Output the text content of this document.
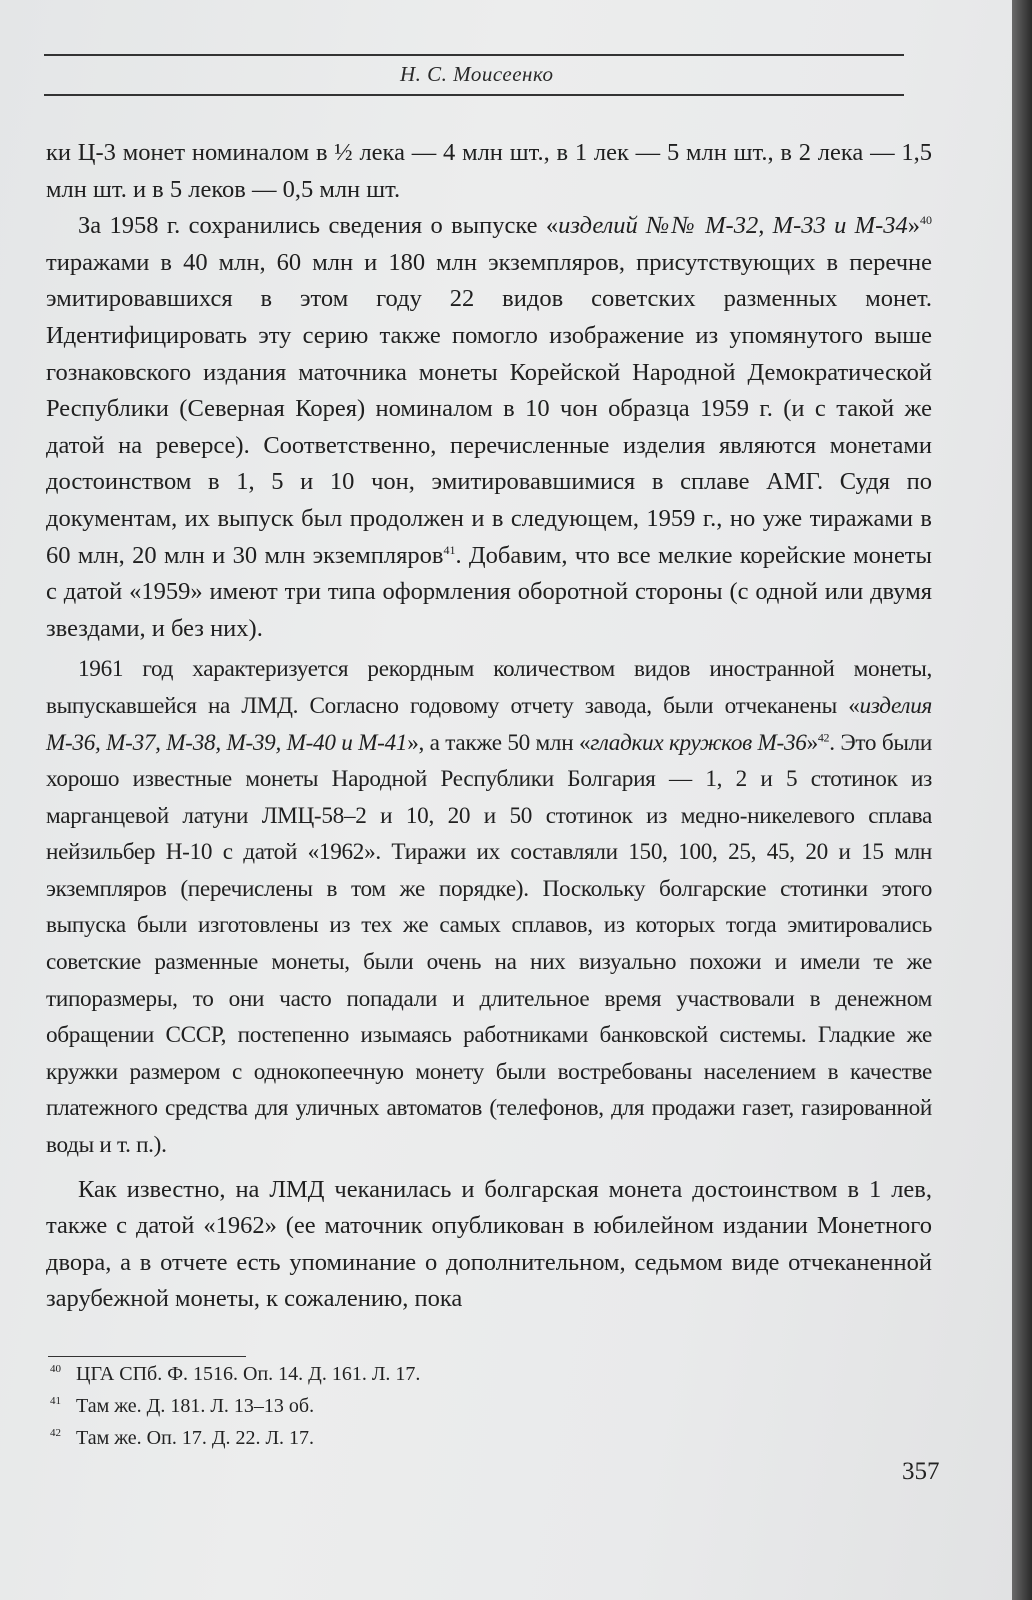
Н. С. Моисеенко

ки Ц-3 монет номиналом в ½ лека — 4 млн шт., в 1 лек — 5 млн шт., в 2 лека — 1,5 млн шт. и в 5 леков — 0,5 млн шт.

За 1958 г. сохранились сведения о выпуске «изделий №№ М-32, М-33 и М-34»$^{40}$ тиражами в 40 млн, 60 млн и 180 млн экземпляров, присутствующих в перечне эмитировавшихся в этом году 22 видов советских разменных монет. Идентифицировать эту серию также помогло изображение из упомянутого выше гознаковского издания маточника монеты Корейской Народной Демократической Республики (Северная Корея) номиналом в 10 чон образца 1959 г. (и с такой же датой на реверсе). Соответственно, перечисленные изделия являются монетами достоинством в 1, 5 и 10 чон, эмитировавшимися в сплаве АМГ. Судя по документам, их выпуск был продолжен и в следующем, 1959 г., но уже тиражами в 60 млн, 20 млн и 30 млн экземпляров$^{41}$. Добавим, что все мелкие корейские монеты с датой «1959» имеют три типа оформления оборотной стороны (с одной или двумя звездами, и без них).

1961 год характеризуется рекордным количеством видов иностранной монеты, выпускавшейся на ЛМД. Согласно годовому отчету завода, были отчеканены «изделия М-36, М-37, М-38, М-39, М-40 и М-41», а также 50 млн «гладких кружков М-36»$^{42}$. Это были хорошо известные монеты Народной Республики Болгария — 1, 2 и 5 стотинок из марганцевой латуни ЛМЦ-58–2 и 10, 20 и 50 стотинок из медно-никелевого сплава нейзильбер Н-10 с датой «1962». Тиражи их составляли 150, 100, 25, 45, 20 и 15 млн экземпляров (перечислены в том же порядке). Поскольку болгарские стотинки этого выпуска были изготовлены из тех же самых сплавов, из которых тогда эмитировались советские разменные монеты, были очень на них визуально похожи и имели те же типоразмеры, то они часто попадали и длительное время участвовали в денежном обращении СССР, постепенно изымаясь работниками банковской системы. Гладкие же кружки размером с однокопеечную монету были востребованы населением в качестве платежного средства для уличных автоматов (телефонов, для продажи газет, газированной воды и т. п.).

Как известно, на ЛМД чеканилась и болгарская монета достоинством в 1 лев, также с датой «1962» (ее маточник опубликован в юбилейном издании Монетного двора, а в отчете есть упоминание о дополнительном, седьмом виде отчеканенной зарубежной монеты, к сожалению, пока

40 ЦГА СПб. Ф. 1516. Оп. 14. Д. 161. Л. 17.
41 Там же. Д. 181. Л. 13–13 об.
42 Там же. Оп. 17. Д. 22. Л. 17.
357
